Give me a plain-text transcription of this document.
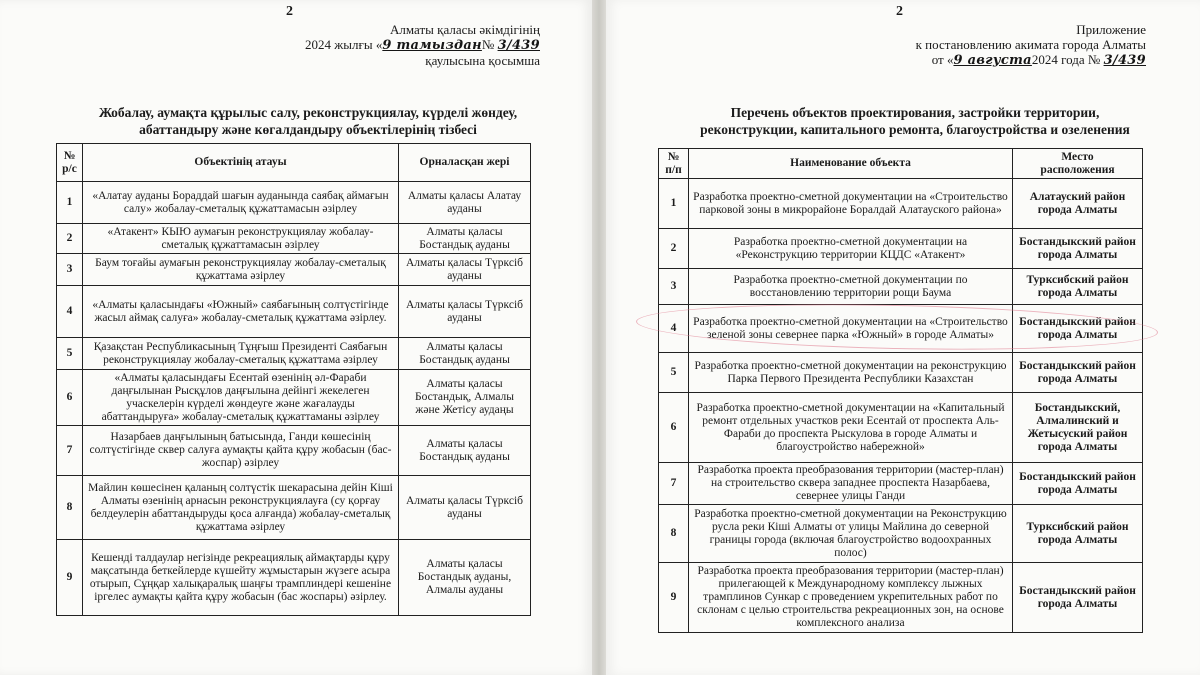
2
Алматы қаласы әкімдігінің
2024 жылғы «9 тамыздан№ 3/439
қаулысына қосымша
Жобалау, аумақта құрылыс салу, реконструкциялау, күрделі жөндеу,
абаттандыру және көгалдандыру объектілерінің тізбесі
№
р/с	Объектінің атауы	Орналасқан жері
1	«Алатау ауданы Бораддай шағын ауданында саябақ аймағын салу» жобалау-сметалық құжаттамасын әзірлеу	Алматы қаласы Алатау ауданы
2	«Атакент» КЫЮ аумағын реконструкциялау жобалау-сметалық құжаттамасын әзірлеу	Алматы қаласы Бостандық ауданы
3	Баум тоғайы аумағын реконструкциялау жобалау-сметалық құжаттама әзірлеу	Алматы қаласы Түрксіб ауданы
4	«Алматы қаласындағы «Южный» саябағының солтүстігінде жасыл аймақ салуға» жобалау-сметалық құжаттама әзірлеу.	Алматы қаласы Түрксіб ауданы
5	Қазақстан Республикасының Тұңғыш Президенті Саябағын реконструкциялау жобалау-сметалық құжаттама әзірлеу	Алматы қаласы Бостандық ауданы
6	«Алматы қаласындағы Есентай өзенінің әл-Фараби даңғылынан Рысқұлов даңғылына дейінгі жекелеген учаскелерін күрделі жөндеуге және жағалауды абаттандыруға» жобалау-сметалық құжаттаманы әзірлеу	Алматы қаласы Бостандық, Алмалы және Жетісу аудаңы
7	Назарбаев даңғылының батысында, Ганди көшесінің солтүстігінде сквер салуға аумақты қайта құру жобасын (бас-жоспар) әзірлеу	Алматы қаласы Бостандық ауданы
8	Майлин көшесінен қаланың солтүстік шекарасына дейін Кіші Алматы өзенінің арнасын реконструкциялауға (су қорғау белдеулерін абаттандыруды қоса алғанда) жобалау-сметалық құжаттама әзірлеу	Алматы қаласы Түрксіб ауданы
9	Кешенді талдаулар негізінде рекреациялық аймақтарды құру мақсатында беткейлерде күшейту жұмыстарын жүзеге асыра отырып, Сұңқар халықаралық шаңғы трамплиндері кешеніне іргелес аумақты қайта құру жобасын (бас жоспары) әзірлеу.	Алматы қаласы Бостандық ауданы, Алмалы ауданы
2
Приложение
к постановлению акимата города Алматы
от «9 августа2024 года № 3/439
Перечень объектов проектирования, застройки территории,
реконструкции, капитального ремонта, благоустройства и озеленения
№
п/п	Наименование объекта	Место
расположения
1	Разработка проектно-сметной документации на «Строительство парковой зоны в микрорайоне Боралдай Алатауского района»	Алатауский район города Алматы
2	Разработка проектно-сметной документации на «Реконструкцию территории КЦДС «Атакент»	Бостандыкский район города Алматы
3	Разработка проектно-сметной документации по восстановлению территории рощи Баума	Турксибский район города Алматы
4	Разработка проектно-сметной документации на «Строительство зеленой зоны севернее парка «Южный» в городе Алматы»	Бостандыкский район города Алматы
5	Разработка проектно-сметной документации на реконструкцию Парка Первого Президента Республики Казахстан	Бостандыкский район города Алматы
6	Разработка проектно-сметной документации на «Капитальный ремонт отдельных участков реки Есентай от проспекта Аль-Фараби до проспекта Рыскулова в городе Алматы и благоустройство набережной»	Бостандыкский, Алмалинский и Жетысуский район города Алматы
7	Разработка проекта преобразования территории (мастер-план) на строительство сквера западнее проспекта Назарбаева, севернее улицы Ганди	Бостандыкский район города Алматы
8	Разработка проектно-сметной документации на Реконструкцию русла реки Кіші Алматы от улицы Майлина до северной границы города (включая благоустройство водоохранных полос)	Турксибский район города Алматы
9	Разработка проекта преобразования территории (мастер-план) прилегающей к Международному комплексу лыжных трамплинов Сункар с проведением укрепительных работ по склонам с целью строительства рекреационных зон, на основе комплексного анализа	Бостандыкский район города Алматы
